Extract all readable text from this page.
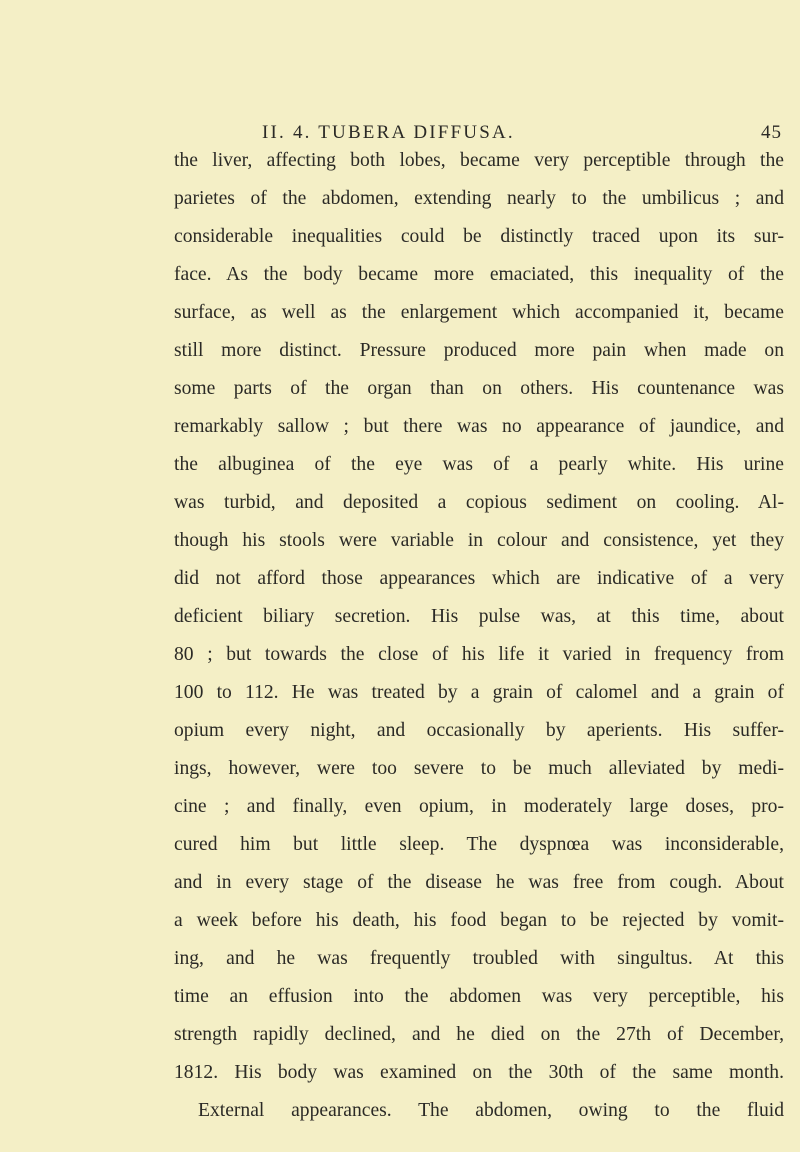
II. 4. TUBERA DIFFUSA.	45
the liver, affecting both lobes, became very perceptible through the
parietes of the abdomen, extending nearly to the umbilicus ; and
considerable inequalities could be distinctly traced upon its sur-
face. As the body became more emaciated, this inequality of the
surface, as well as the enlargement which accompanied it, became
still more distinct. Pressure produced more pain when made on
some parts of the organ than on others. His countenance was
remarkably sallow ; but there was no appearance of jaundice, and
the albuginea of the eye was of a pearly white. His urine
was turbid, and deposited a copious sediment on cooling. Al-
though his stools were variable in colour and consistence, yet they
did not afford those appearances which are indicative of a very
deficient biliary secretion. His pulse was, at this time, about
80 ; but towards the close of his life it varied in frequency from
100 to 112. He was treated by a grain of calomel and a grain of
opium every night, and occasionally by aperients. His suffer-
ings, however, were too severe to be much alleviated by medi-
cine ; and finally, even opium, in moderately large doses, pro-
cured him but little sleep. The dyspnœa was inconsiderable,
and in every stage of the disease he was free from cough. About
a week before his death, his food began to be rejected by vomit-
ing, and he was frequently troubled with singultus. At this
time an effusion into the abdomen was very perceptible, his
strength rapidly declined, and he died on the 27th of December,
1812. His body was examined on the 30th of the same month.
External appearances. The abdomen, owing to the fluid
